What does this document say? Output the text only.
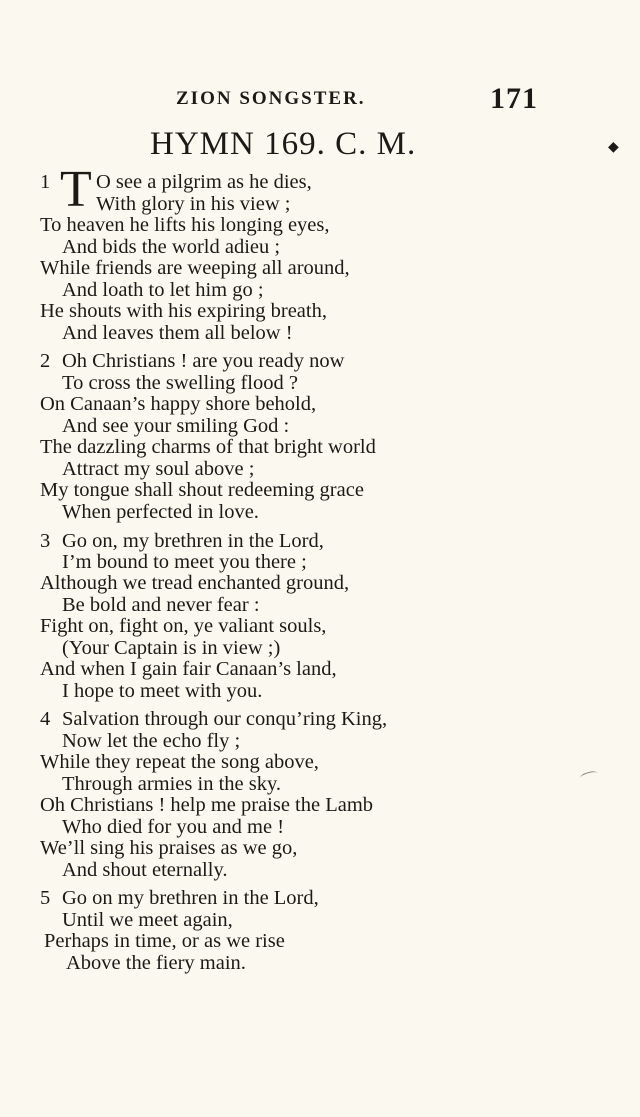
ZION SONGSTER.	171
HYMN 169. C. M.	◆
T
1 O see a pilgrim as he dies,
With glory in his view ;
To heaven he lifts his longing eyes,
And bids the world adieu ;
While friends are weeping all around,
And loath to let him go ;
He shouts with his expiring breath,
And leaves them all below !
2 Oh Christians ! are you ready now
To cross the swelling flood ?
On Canaan’s happy shore behold,
And see your smiling God :
The dazzling charms of that bright world
Attract my soul above ;
My tongue shall shout redeeming grace
When perfected in love.
3 Go on, my brethren in the Lord,
I’m bound to meet you there ;
Although we tread enchanted ground,
Be bold and never fear :
Fight on, fight on, ye valiant souls,
(Your Captain is in view ;)
And when I gain fair Canaan’s land,
I hope to meet with you.
4 Salvation through our conqu’ring King,
Now let the echo fly ;
While they repeat the song above,
Through armies in the sky.
Oh Christians ! help me praise the Lamb
Who died for you and me !
We’ll sing his praises as we go,
And shout eternally.
5 Go on my brethren in the Lord,
Until we meet again,
Perhaps in time, or as we rise
Above the fiery main.
